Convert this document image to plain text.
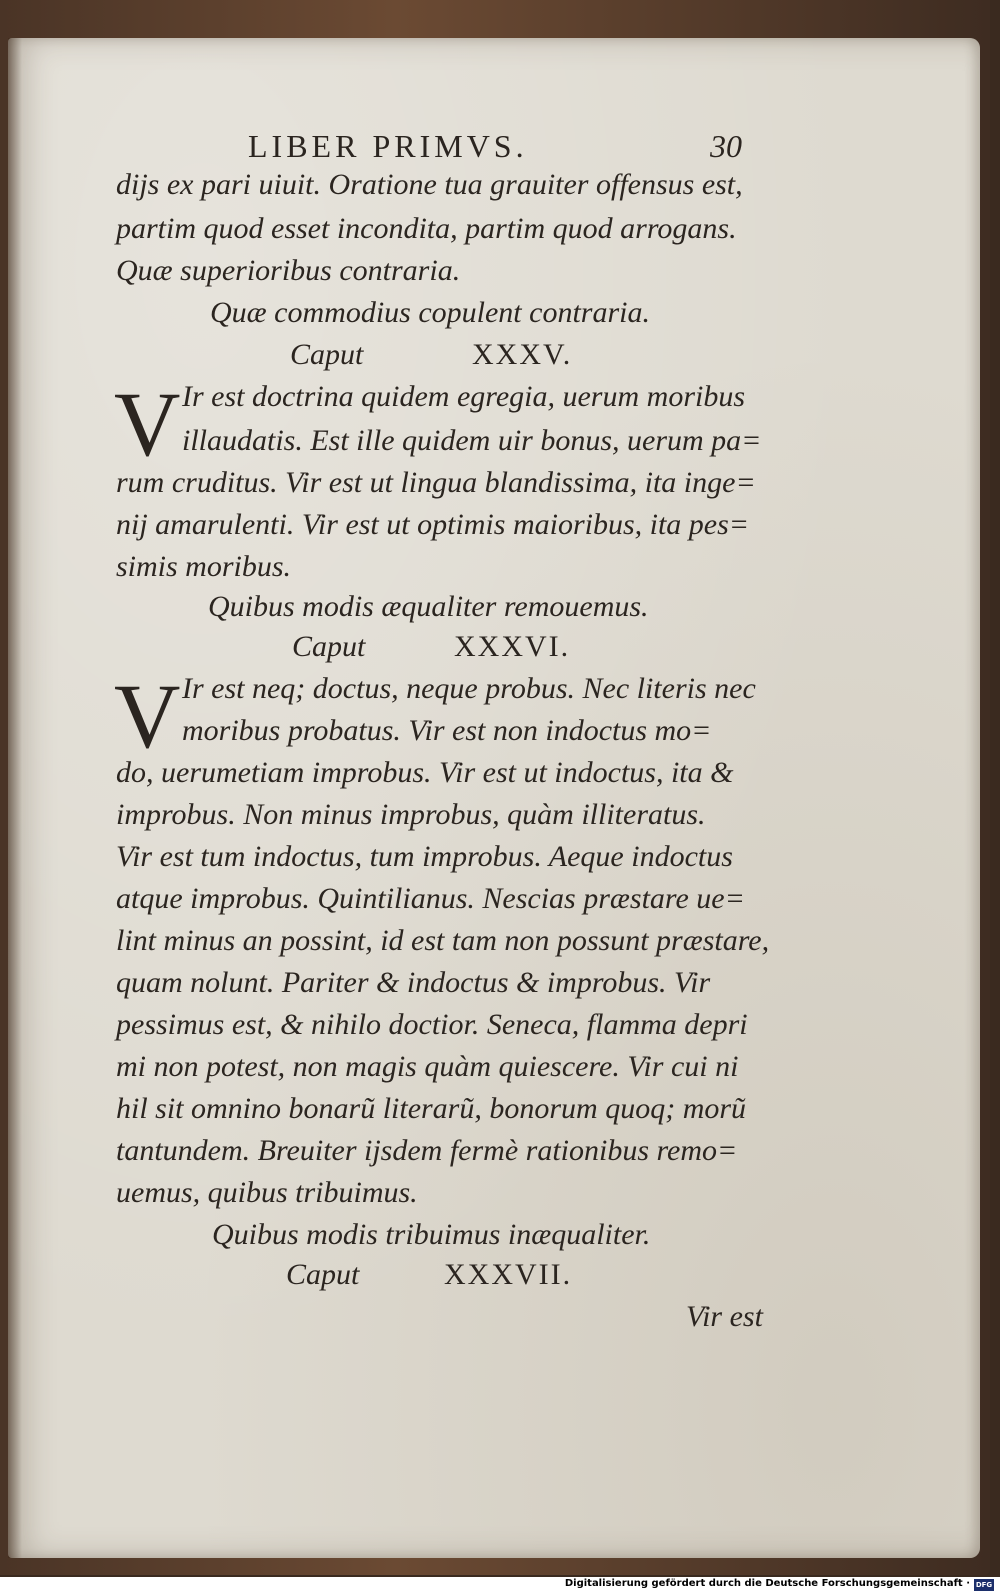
LIBER PRIMVS.	30
dijs ex pari uiuit. Oratione tua grauiter offensus est,
partim quod esset incondita, partim quod arrogans.
Quæ superioribus contraria.
Quæ commodius copulent contraria.
Caput	XXXV.
V Ir est doctrina quidem egregia, uerum moribus
illaudatis. Est ille quidem uir bonus, uerum pa=
rum cruditus. Vir est ut lingua blandissima, ita inge=
nij amarulenti. Vir est ut optimis maioribus, ita pes=
simis moribus.
Quibus modis æqualiter remouemus.
Caput	XXXVI.
V Ir est neq; doctus, neque probus. Nec literis nec
moribus probatus. Vir est non indoctus mo=
do, uerumetiam improbus. Vir est ut indoctus, ita &
improbus. Non minus improbus, quàm illiteratus.
Vir est tum indoctus, tum improbus. Aeque indoctus
atque improbus. Quintilianus. Nescias præstare ue=
lint minus an possint, id est tam non possunt præstare,
quam nolunt. Pariter & indoctus & improbus. Vir
pessimus est, & nihilo doctior. Seneca, flamma depri
mi non potest, non magis quàm quiescere. Vir cui ni
hil sit omnino bonarũ literarũ, bonorum quoq; morũ
tantundem. Breuiter ijsdem fermè rationibus remo=
uemus, quibus tribuimus.
Quibus modis tribuimus inæqualiter.
Caput	XXXVII.
Vir est
Digitalisierung gefördert durch die Deutsche Forschungsgemeinschaft · DFG
